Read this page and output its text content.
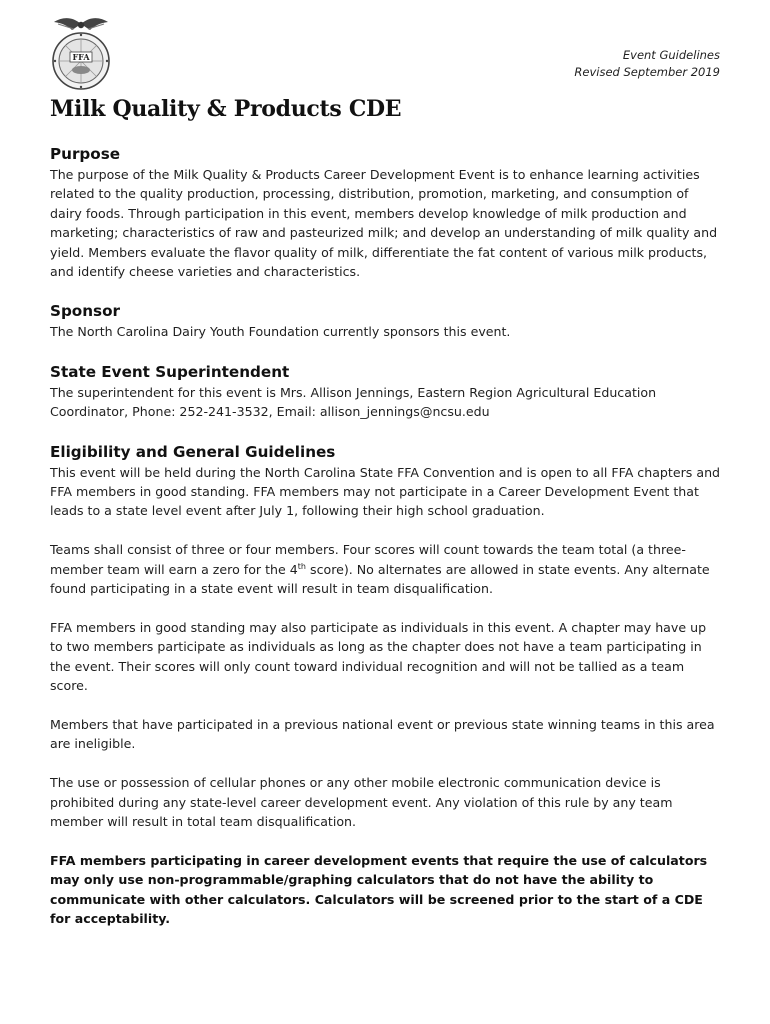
FFA	Event Guidelines
Revised September 2019
Milk Quality & Products CDE
Purpose

The purpose of the Milk Quality & Products Career Development Event is to enhance learning activities related to the quality production, processing, distribution, promotion, marketing, and consumption of dairy foods. Through participation in this event, members develop knowledge of milk production and marketing; characteristics of raw and pasteurized milk; and develop an understanding of milk quality and yield. Members evaluate the flavor quality of milk, differentiate the fat content of various milk products, and identify cheese varieties and characteristics.

Sponsor

The North Carolina Dairy Youth Foundation currently sponsors this event.

State Event Superintendent

The superintendent for this event is Mrs. Allison Jennings, Eastern Region Agricultural Education Coordinator, Phone: 252-241-3532, Email: allison_jennings@ncsu.edu

Eligibility and General Guidelines

This event will be held during the North Carolina State FFA Convention and is open to all FFA chapters and FFA members in good standing. FFA members may not participate in a Career Development Event that leads to a state level event after July 1, following their high school graduation.

Teams shall consist of three or four members. Four scores will count towards the team total (a three-member team will earn a zero for the 4th score). No alternates are allowed in state events. Any alternate found participating in a state event will result in team disqualification.

FFA members in good standing may also participate as individuals in this event. A chapter may have up to two members participate as individuals as long as the chapter does not have a team participating in the event. Their scores will only count toward individual recognition and will not be tallied as a team score.

Members that have participated in a previous national event or previous state winning teams in this area are ineligible.

The use or possession of cellular phones or any other mobile electronic communication device is prohibited during any state-level career development event. Any violation of this rule by any team member will result in total team disqualification.

FFA members participating in career development events that require the use of calculators may only use non-programmable/graphing calculators that do not have the ability to communicate with other calculators. Calculators will be screened prior to the start of a CDE for acceptability.
